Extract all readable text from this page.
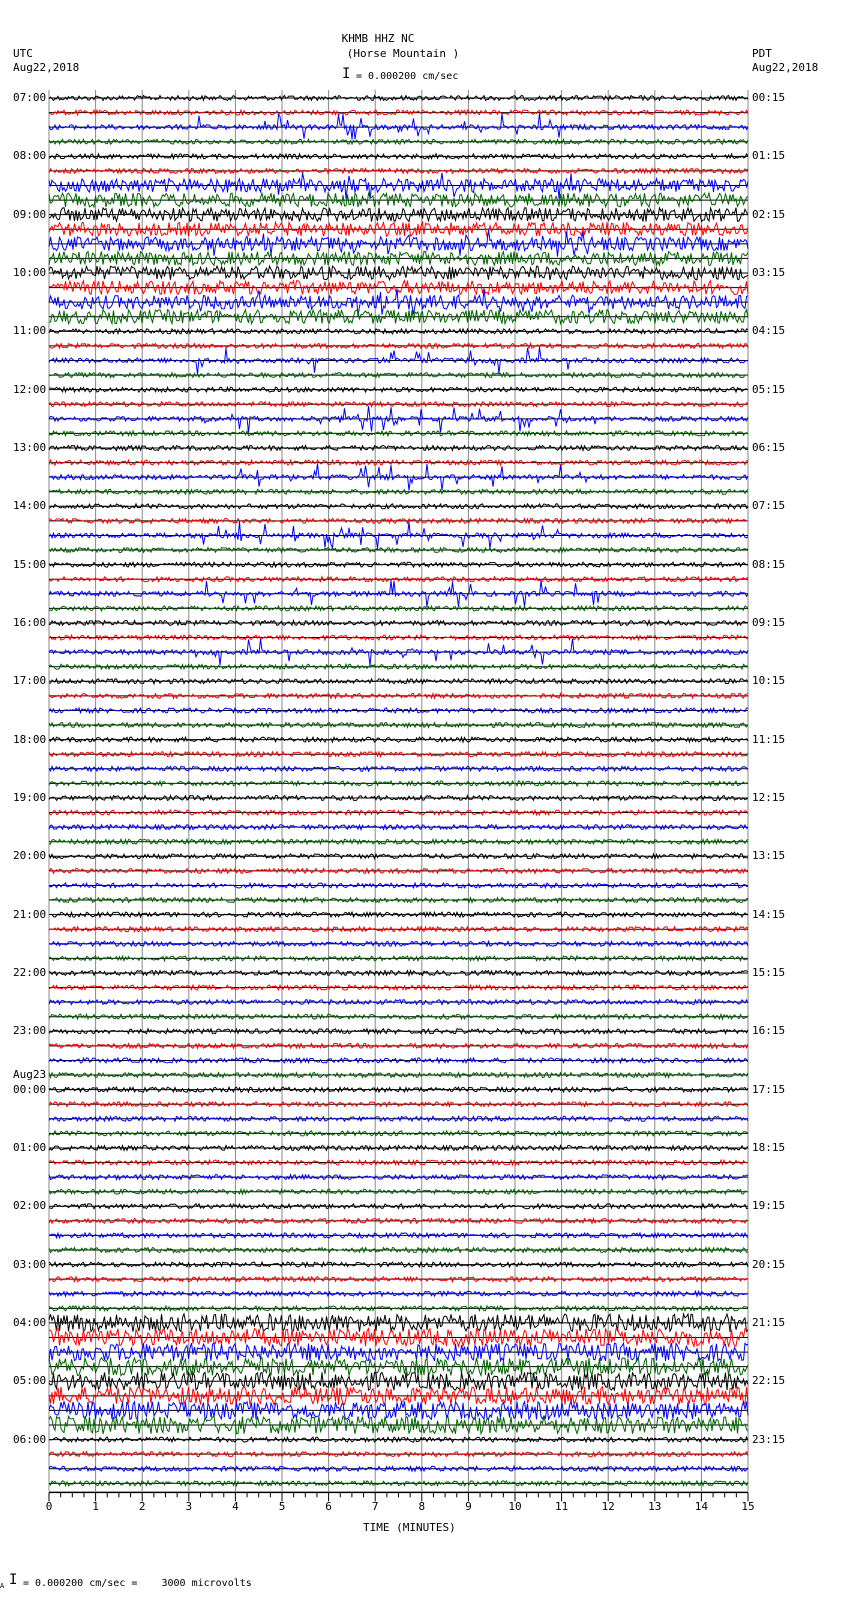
KHMB HHZ NC
(Horse Mountain )
UTC
Aug22,2018
PDT
Aug22,2018
I = 0.000200 cm/sec
TIME (MINUTES)
A I = 0.000200 cm/sec =    3000 microvolts
0	1	2	3	4	5	6	7	8	9	10	11	12	13	14	15
07:00
08:00
09:00
10:00
11:00
12:00
13:00
14:00
15:00
16:00
17:00
18:00
19:00
20:00
21:00
22:00
23:00
00:00
01:00
02:00
03:00
04:00
05:00
06:00
00:15
01:15
02:15
03:15
04:15
05:15
06:15
07:15
08:15
09:15
10:15
11:15
12:15
13:15
14:15
15:15
16:15
17:15
18:15
19:15
20:15
21:15
22:15
23:15
Aug23
